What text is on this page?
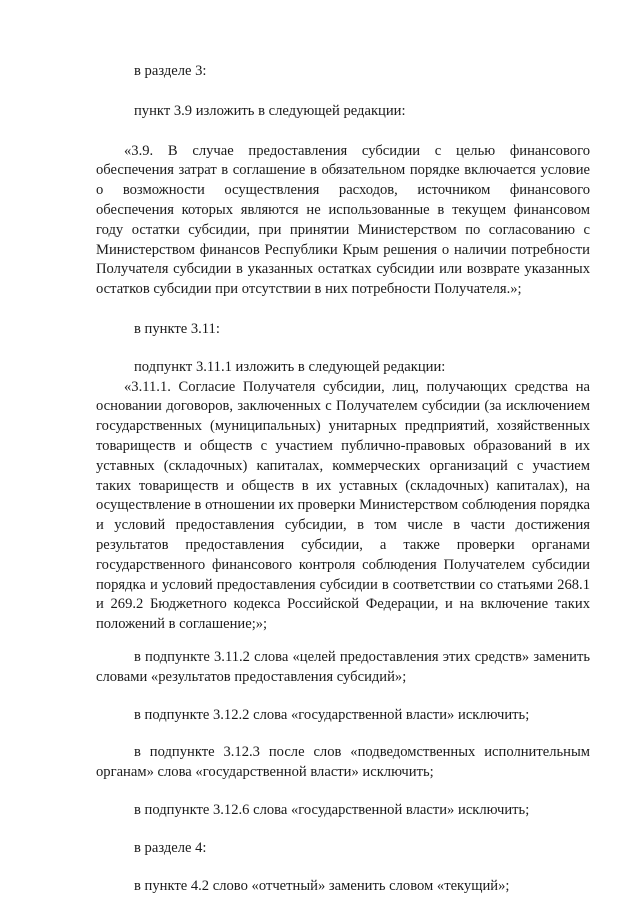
в разделе 3:

пункт 3.9 изложить в следующей редакции:

«3.9. В случае предоставления субсидии с целью финансового обеспечения затрат в соглашение в обязательном порядке включается условие о возможности осуществления расходов, источником финансового обеспечения которых являются не использованные в текущем финансовом году остатки субсидии, при принятии Министерством по согласованию с Министерством финансов Республики Крым решения о наличии потребности Получателя субсидии в указанных остатках субсидии или возврате указанных остатков субсидии при отсутствии в них потребности Получателя.»;

в пункте 3.11:

подпункт 3.11.1 изложить в следующей редакции:

«3.11.1. Согласие Получателя субсидии, лиц, получающих средства на основании договоров, заключенных с Получателем субсидии (за исключением государственных (муниципальных) унитарных предприятий, хозяйственных товариществ и обществ с участием публично-правовых образований в их уставных (складочных) капиталах, коммерческих организаций с участием таких товариществ и обществ в их уставных (складочных) капиталах), на осуществление в отношении их проверки Министерством соблюдения порядка и условий предоставления субсидии, в том числе в части достижения результатов предоставления субсидии, а также проверки органами государственного финансового контроля соблюдения Получателем субсидии порядка и условий предоставления субсидии в соответствии со статьями 268.1 и 269.2 Бюджетного кодекса Российской Федерации, и на включение таких положений в соглашение;»;

в подпункте 3.11.2 слова «целей предоставления этих средств» заменить словами «результатов предоставления субсидий»;

в подпункте 3.12.2 слова «государственной власти» исключить;

в подпункте 3.12.3 после слов «подведомственных исполнительным органам» слова «государственной власти» исключить;

в подпункте 3.12.6 слова «государственной власти» исключить;

в разделе 4:

в пункте 4.2 слово «отчетный» заменить словом «текущий»;
